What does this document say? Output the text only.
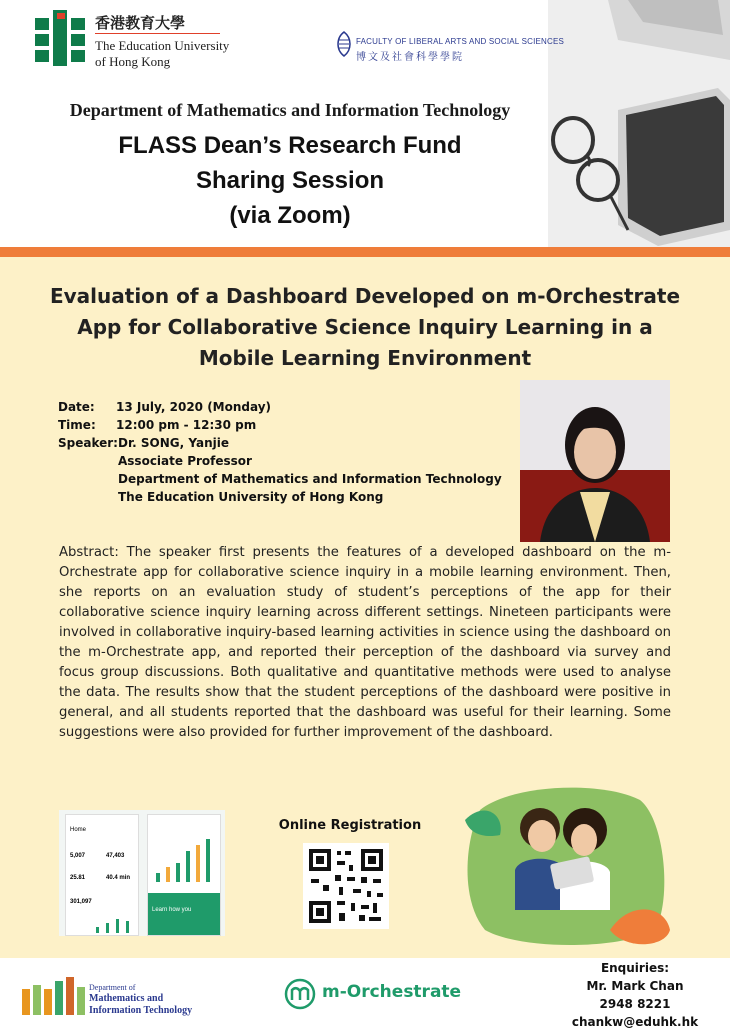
香港教育大學
The Education University
of Hong Kong
FACULTY OF LIBERAL ARTS AND SOCIAL SCIENCES
博文及社會科學學院
Department of Mathematics and Information Technology
FLASS Dean’s Research Fund
Sharing Session
(via Zoom)
Evaluation of a Dashboard Developed on m-Orchestrate
App for Collaborative Science Inquiry Learning in a
Mobile Learning Environment
Date: 13 July, 2020 (Monday)
Time: 12:00 pm - 12:30 pm
Speaker: Dr. SONG, Yanjie
Associate Professor
Department of Mathematics and Information Technology
The Education University of Hong Kong
Abstract: The speaker first presents the features of a developed dashboard on the m-Orchestrate app for collaborative science inquiry in a mobile learning environment. Then, she reports on an evaluation study of student’s perceptions of the app for their collaborative science inquiry learning across different settings. Nineteen participants were involved in collaborative inquiry-based learning activities in science using the dashboard on the m-Orchestrate app, and reported their perception of the dashboard via survey and focus group discussions. Both qualitative and quantitative methods were used to analyse the data. The results show that the student perceptions of the dashboard were positive in general, and all students reported that the dashboard was useful for their learning. Some suggestions were also provided for further improvement of the dashboard.
Home
5,007	47,403
25.81	40.4 min
301,097
Learn how you
Online Registration
Department of
Mathematics and
Information Technology
m-Orchestrate
Enquiries:
Mr. Mark Chan
2948 8221
chankw@eduhk.hk
